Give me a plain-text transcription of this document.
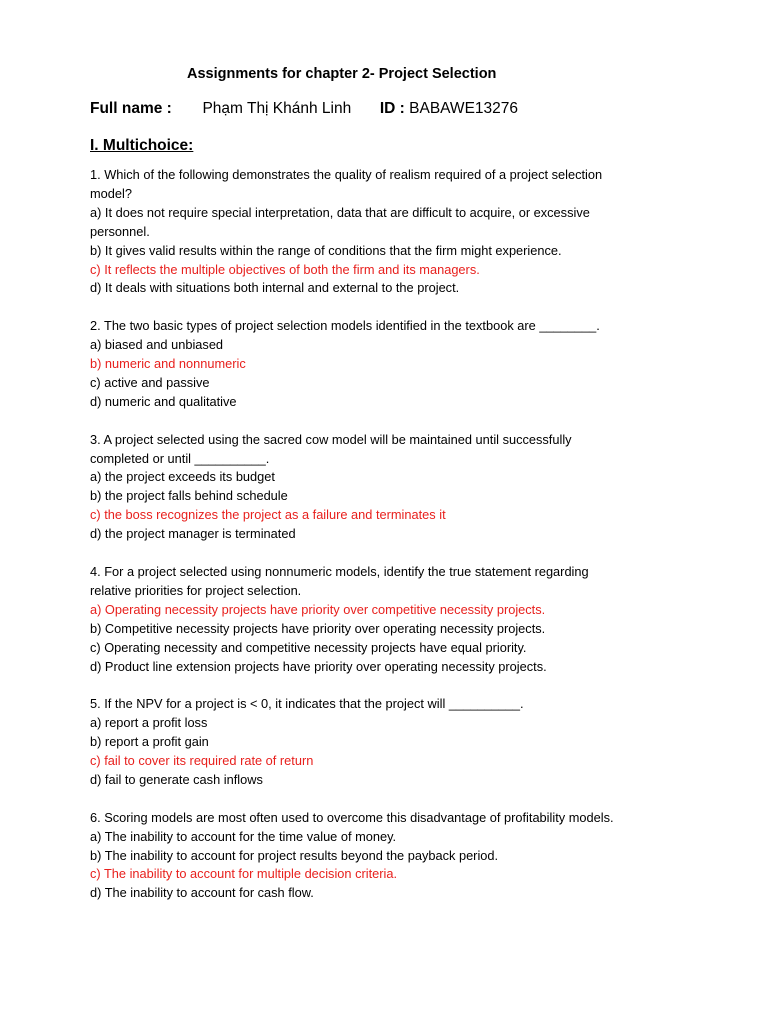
Assignments for chapter 2- Project Selection
Full name : Phạm Thị Khánh Linh ID : BABAWE13276
I. Multichoice:
1. Which of the following demonstrates the quality of realism required of a project selection
model?
a) It does not require special interpretation, data that are difficult to acquire, or excessive
personnel.
b) It gives valid results within the range of conditions that the firm might experience.
c) It reflects the multiple objectives of both the firm and its managers.
d) It deals with situations both internal and external to the project.
2. The two basic types of project selection models identified in the textbook are ________.
a) biased and unbiased
b) numeric and nonnumeric
c) active and passive
d) numeric and qualitative
3. A project selected using the sacred cow model will be maintained until successfully
completed or until __________.
a) the project exceeds its budget
b) the project falls behind schedule
c) the boss recognizes the project as a failure and terminates it
d) the project manager is terminated
4. For a project selected using nonnumeric models, identify the true statement regarding
relative priorities for project selection.
a) Operating necessity projects have priority over competitive necessity projects.
b) Competitive necessity projects have priority over operating necessity projects.
c) Operating necessity and competitive necessity projects have equal priority.
d) Product line extension projects have priority over operating necessity projects.
5. If the NPV for a project is < 0, it indicates that the project will __________.
a) report a profit loss
b) report a profit gain
c) fail to cover its required rate of return
d) fail to generate cash inflows
6. Scoring models are most often used to overcome this disadvantage of profitability models.
a) The inability to account for the time value of money.
b) The inability to account for project results beyond the payback period.
c) The inability to account for multiple decision criteria.
d) The inability to account for cash flow.
